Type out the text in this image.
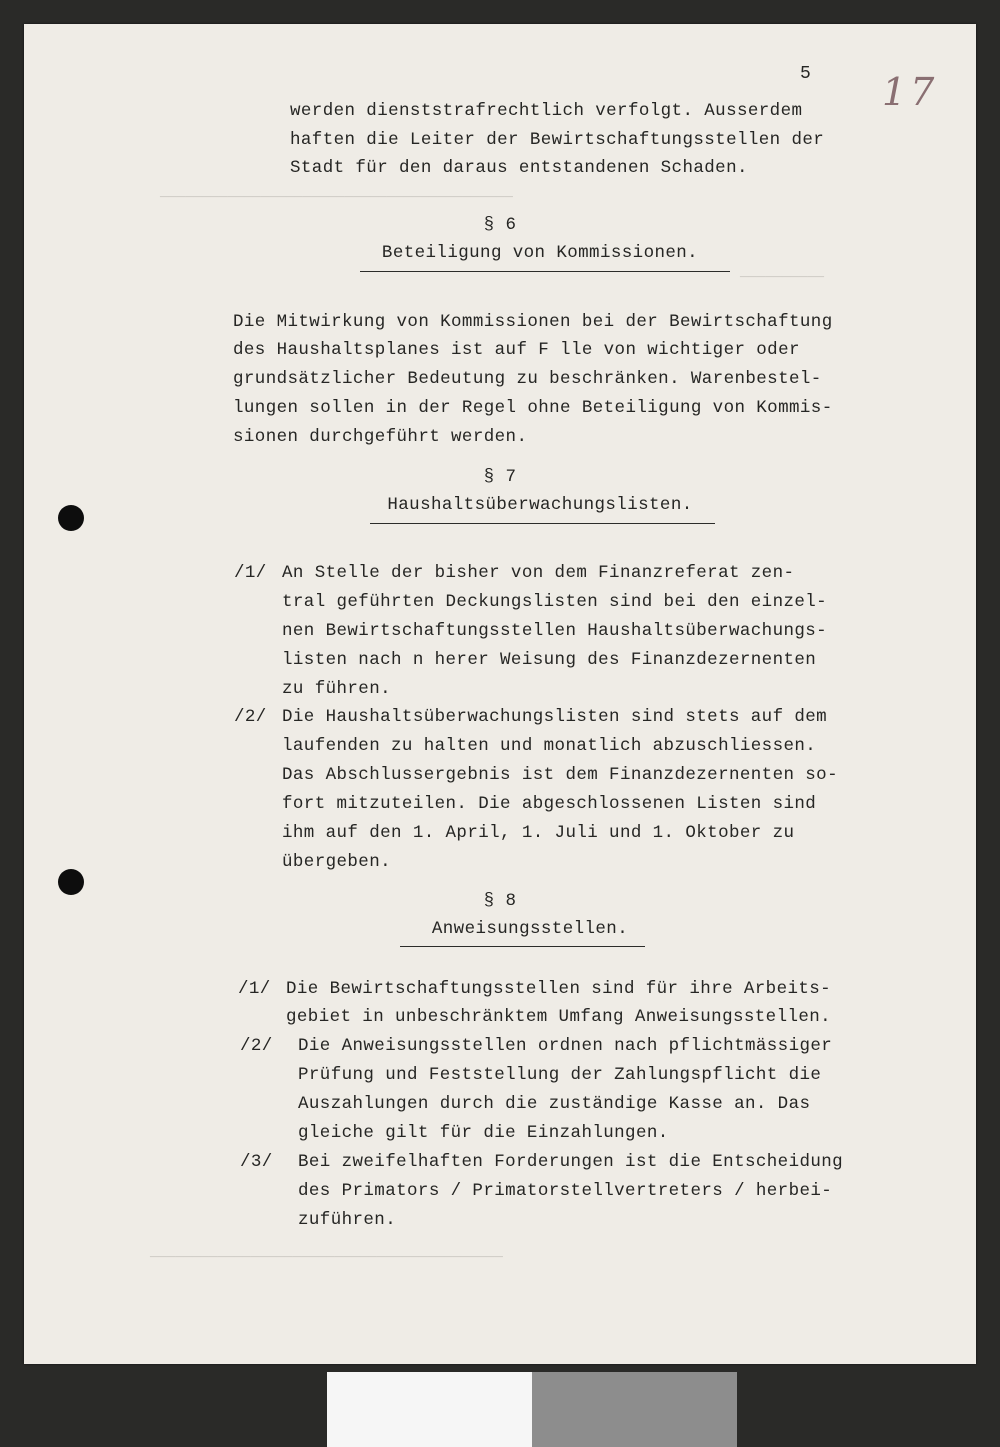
──────────────────────────────────────────
──────────
──────────────────────────────────────────
5 17
werden dienststrafrechtlich verfolgt. Ausserdem
haften die Leiter der Bewirtschaftungsstellen der
Stadt für den daraus entstandenen Schaden.
§ 6
Beteiligung von Kommissionen.
Die Mitwirkung von Kommissionen bei der Bewirtschaftung
des Haushaltsplanes ist auf F lle von wichtiger oder
grundsätzlicher Bedeutung zu beschränken. Warenbestel-
lungen sollen in der Regel ohne Beteiligung von Kommis-
sionen durchgeführt werden.
§ 7
Haushaltsüberwachungslisten.
/1/ An Stelle der bisher von dem Finanzreferat zen-
tral geführten Deckungslisten sind bei den einzel-
nen Bewirtschaftungsstellen Haushaltsüberwachungs-
listen nach n herer Weisung des Finanzdezernenten
zu führen.
/2/ Die Haushaltsüberwachungslisten sind stets auf dem
laufenden zu halten und monatlich abzuschliessen.
Das Abschlussergebnis ist dem Finanzdezernenten so-
fort mitzuteilen. Die abgeschlossenen Listen sind
ihm auf den 1. April, 1. Juli und 1. Oktober zu
übergeben.
§ 8
Anweisungsstellen.
/1/ Die Bewirtschaftungsstellen sind für ihre Arbeits-
gebiet in unbeschränktem Umfang Anweisungsstellen.
/2/ Die Anweisungsstellen ordnen nach pflichtmässiger
Prüfung und Feststellung der Zahlungspflicht die
Auszahlungen durch die zuständige Kasse an. Das
gleiche gilt für die Einzahlungen.
/3/ Bei zweifelhaften Forderungen ist die Entscheidung
des Primators / Primatorstellvertreters / herbei-
zuführen.
